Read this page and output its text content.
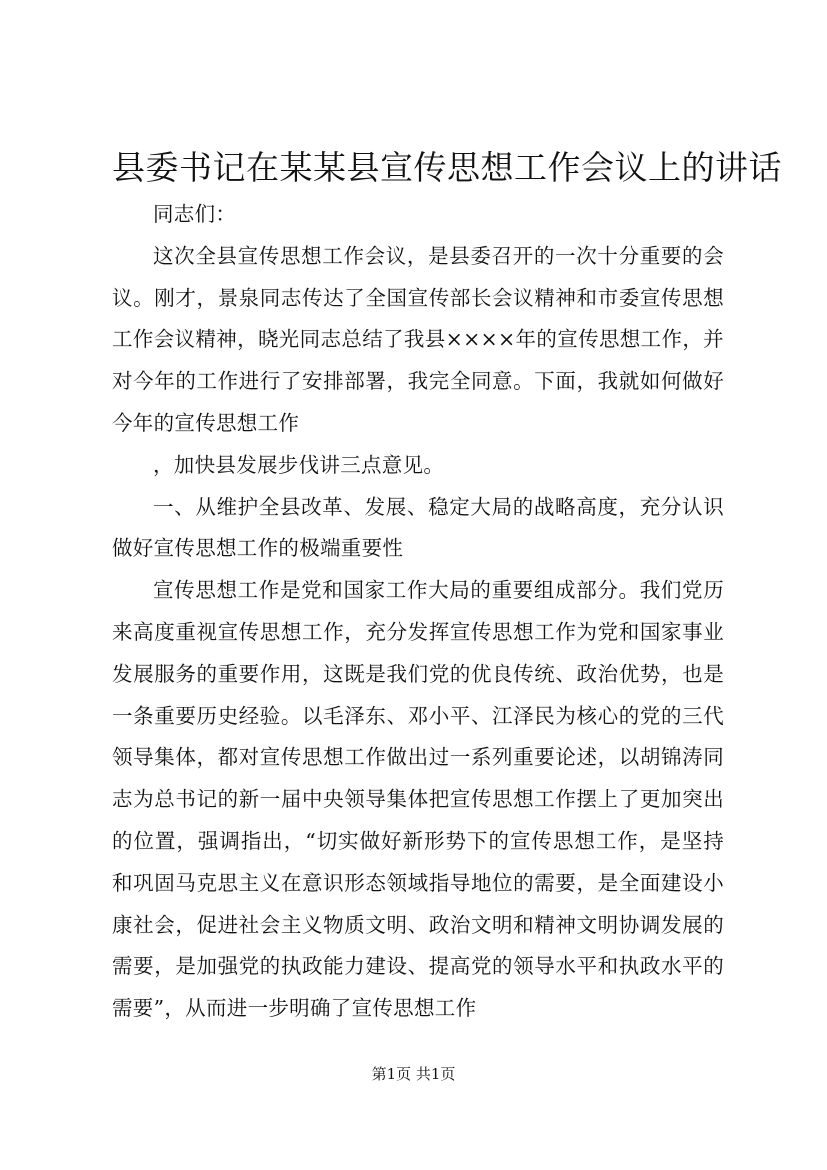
县委书记在某某县宣传思想工作会议上的讲话

同志们：

这次全县宣传思想工作会议，是县委召开的一次十分重要的会议。刚才，景泉同志传达了全国宣传部长会议精神和市委宣传思想工作会议精神，晓光同志总结了我县××××年的宣传思想工作，并对今年的工作进行了安排部署，我完全同意。下面，我就如何做好今年的宣传思想工作

，加快县发展步伐讲三点意见。

一、从维护全县改革、发展、稳定大局的战略高度，充分认识做好宣传思想工作的极端重要性

宣传思想工作是党和国家工作大局的重要组成部分。我们党历来高度重视宣传思想工作，充分发挥宣传思想工作为党和国家事业发展服务的重要作用，这既是我们党的优良传统、政治优势，也是一条重要历史经验。以毛泽东、邓小平、江泽民为核心的党的三代领导集体，都对宣传思想工作做出过一系列重要论述，以胡锦涛同志为总书记的新一届中央领导集体把宣传思想工作摆上了更加突出的位置，强调指出，“切实做好新形势下的宣传思想工作，是坚持和巩固马克思主义在意识形态领域指导地位的需要，是全面建设小康社会，促进社会主义物质文明、政治文明和精神文明协调发展的需要，是加强党的执政能力建设、提高党的领导水平和执政水平的需要”，从而进一步明确了宣传思想工作

第1页 共1页
